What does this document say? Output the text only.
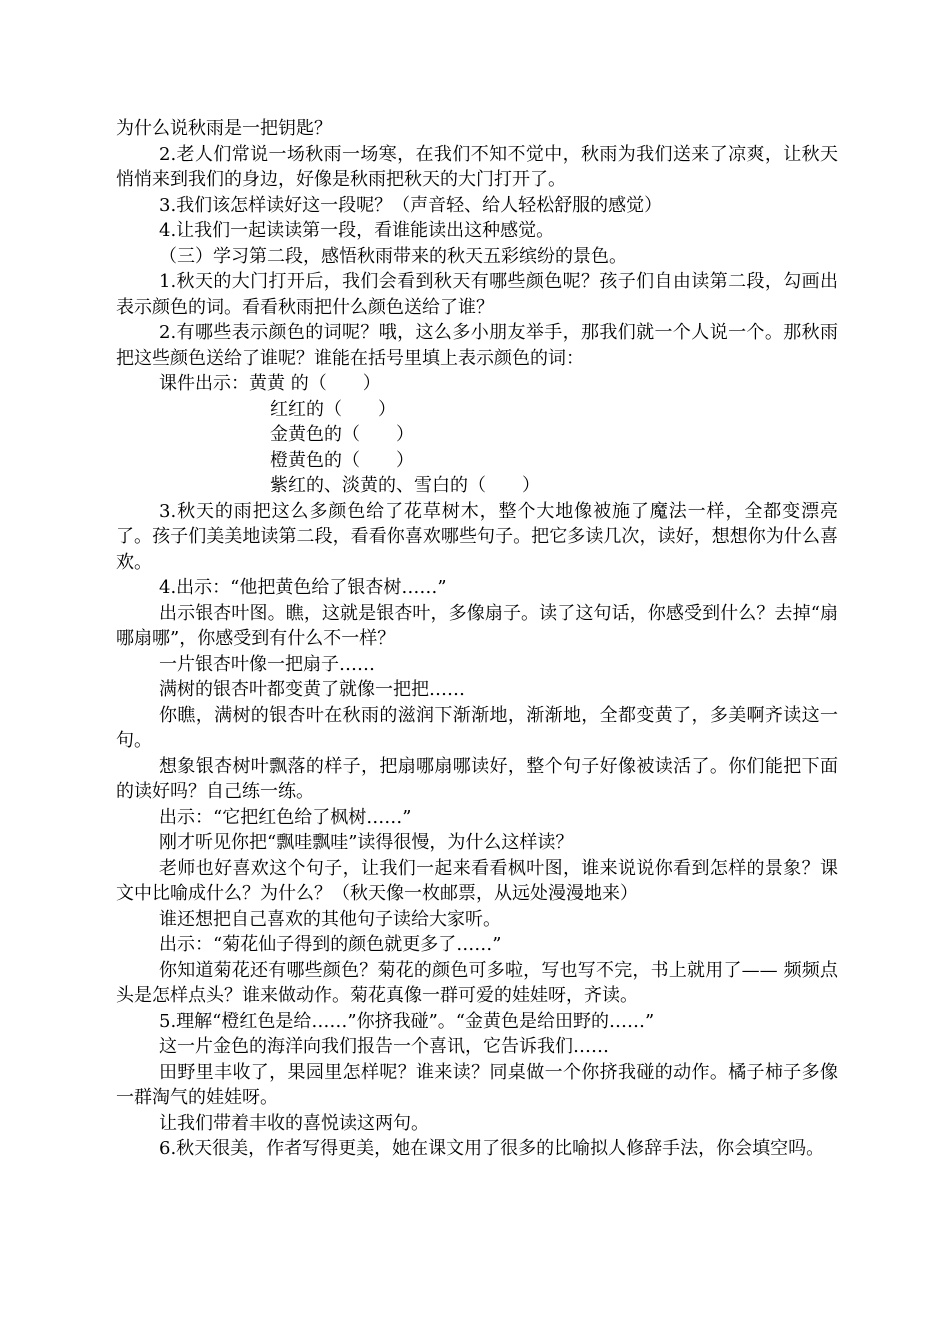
为什么说秋雨是一把钥匙？

2.老人们常说一场秋雨一场寒，在我们不知不觉中，秋雨为我们送来了凉爽，让秋天悄悄来到我们的身边，好像是秋雨把秋天的大门打开了。

3.我们该怎样读好这一段呢？（声音轻、给人轻松舒服的感觉）

4.让我们一起读读第一段，看谁能读出这种感觉。

（三）学习第二段，感悟秋雨带来的秋天五彩缤纷的景色。

1.秋天的大门打开后，我们会看到秋天有哪些颜色呢？孩子们自由读第二段，勾画出表示颜色的词。看看秋雨把什么颜色送给了谁？

2.有哪些表示颜色的词呢？哦，这么多小朋友举手，那我们就一个人说一个。那秋雨把这些颜色送给了谁呢？谁能在括号里填上表示颜色的词：

课件出示：黄黄 的（　　）

红红的（　　）

金黄色的（　　）

橙黄色的（　　）

紫红的、淡黄的、雪白的（　　）

3.秋天的雨把这么多颜色给了花草树木，整个大地像被施了魔法一样，全都变漂亮了。孩子们美美地读第二段，看看你喜欢哪些句子。把它多读几次，读好，想想你为什么喜欢。

4.出示：“他把黄色给了银杏树……”

出示银杏叶图。瞧，这就是银杏叶，多像扇子。读了这句话，你感受到什么？去掉“扇哪扇哪”，你感受到有什么不一样？

一片银杏叶像一把扇子……

满树的银杏叶都变黄了就像一把把……

你瞧，满树的银杏叶在秋雨的滋润下渐渐地，渐渐地，全都变黄了，多美啊齐读这一句。

想象银杏树叶飘落的样子，把扇哪扇哪读好，整个句子好像被读活了。你们能把下面的读好吗？自己练一练。

出示：“它把红色给了枫树……”

刚才听见你把“飘哇飘哇”读得很慢，为什么这样读？

老师也好喜欢这个句子，让我们一起来看看枫叶图，谁来说说你看到怎样的景象？课文中比喻成什么？为什么？（秋天像一枚邮票，从远处漫漫地来）

谁还想把自己喜欢的其他句子读给大家听。

出示：“菊花仙子得到的颜色就更多了……”

你知道菊花还有哪些颜色？菊花的颜色可多啦，写也写不完，书上就用了—— 频频点头是怎样点头？谁来做动作。菊花真像一群可爱的娃娃呀，齐读。

5.理解“橙红色是给……”你挤我碰”。“金黄色是给田野的……”

这一片金色的海洋向我们报告一个喜讯，它告诉我们……

田野里丰收了，果园里怎样呢？谁来读？同桌做一个你挤我碰的动作。橘子柿子多像一群淘气的娃娃呀。

让我们带着丰收的喜悦读这两句。

6.秋天很美，作者写得更美，她在课文用了很多的比喻拟人修辞手法，你会填空吗。
